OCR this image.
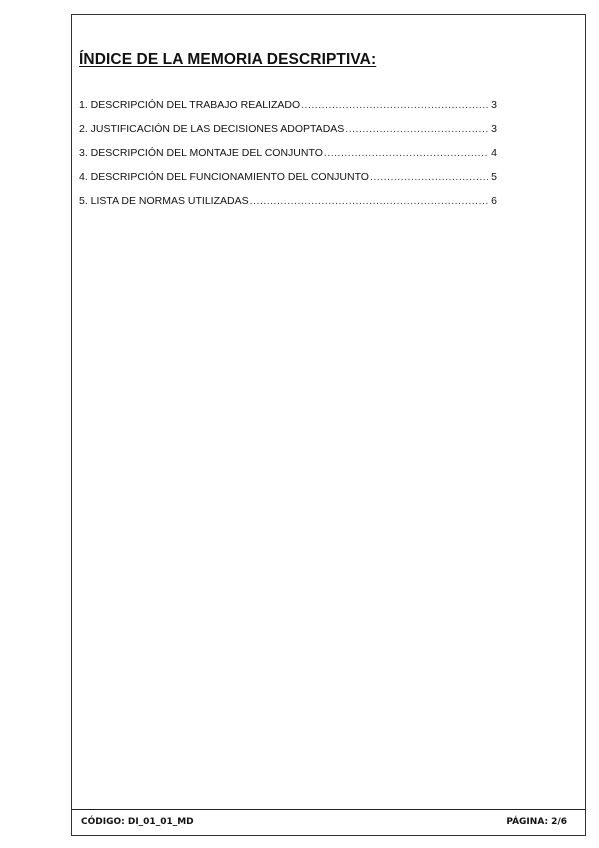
ÍNDICE DE LA MEMORIA DESCRIPTIVA:
1. DESCRIPCIÓN DEL TRABAJO REALIZADO .....	3
2. JUSTIFICACIÓN DE LAS DECISIONES ADOPTADAS .....	3
3. DESCRIPCIÓN DEL MONTAJE DEL CONJUNTO .....	4
4. DESCRIPCIÓN DEL FUNCIONAMIENTO DEL CONJUNTO .....	5
5. LISTA DE NORMAS UTILIZADAS .....	6
CÓDIGO: DI_01_01_MD	PÁGINA: 2/6
